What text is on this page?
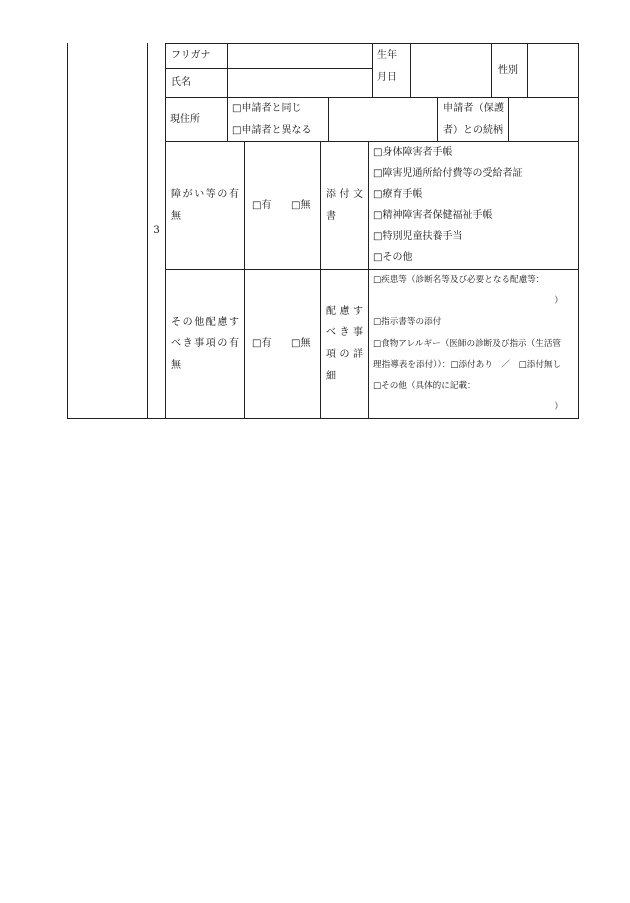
3
フリガナ
氏名
生年月日
性別
現住所
□申請者と同じ
□申請者と異なる
申請者（保護者）との続柄
障がい等の有無
□有	□無
添付文書
□身体障害者手帳
□障害児通所給付費等の受給者証
□療育手帳
□精神障害者保健福祉手帳
□特別児童扶養手当
□その他
その他配慮すべき事項の有無
□有	□無
配慮すべき事項の詳細
□疾患等（診断名等及び必要となる配慮等：
）
□指示書等の添付
□食物アレルギー（医師の診断及び指示（生活管
理指導表を添付））：□添付あり　／　□添付無し
□その他（具体的に記載：
）
